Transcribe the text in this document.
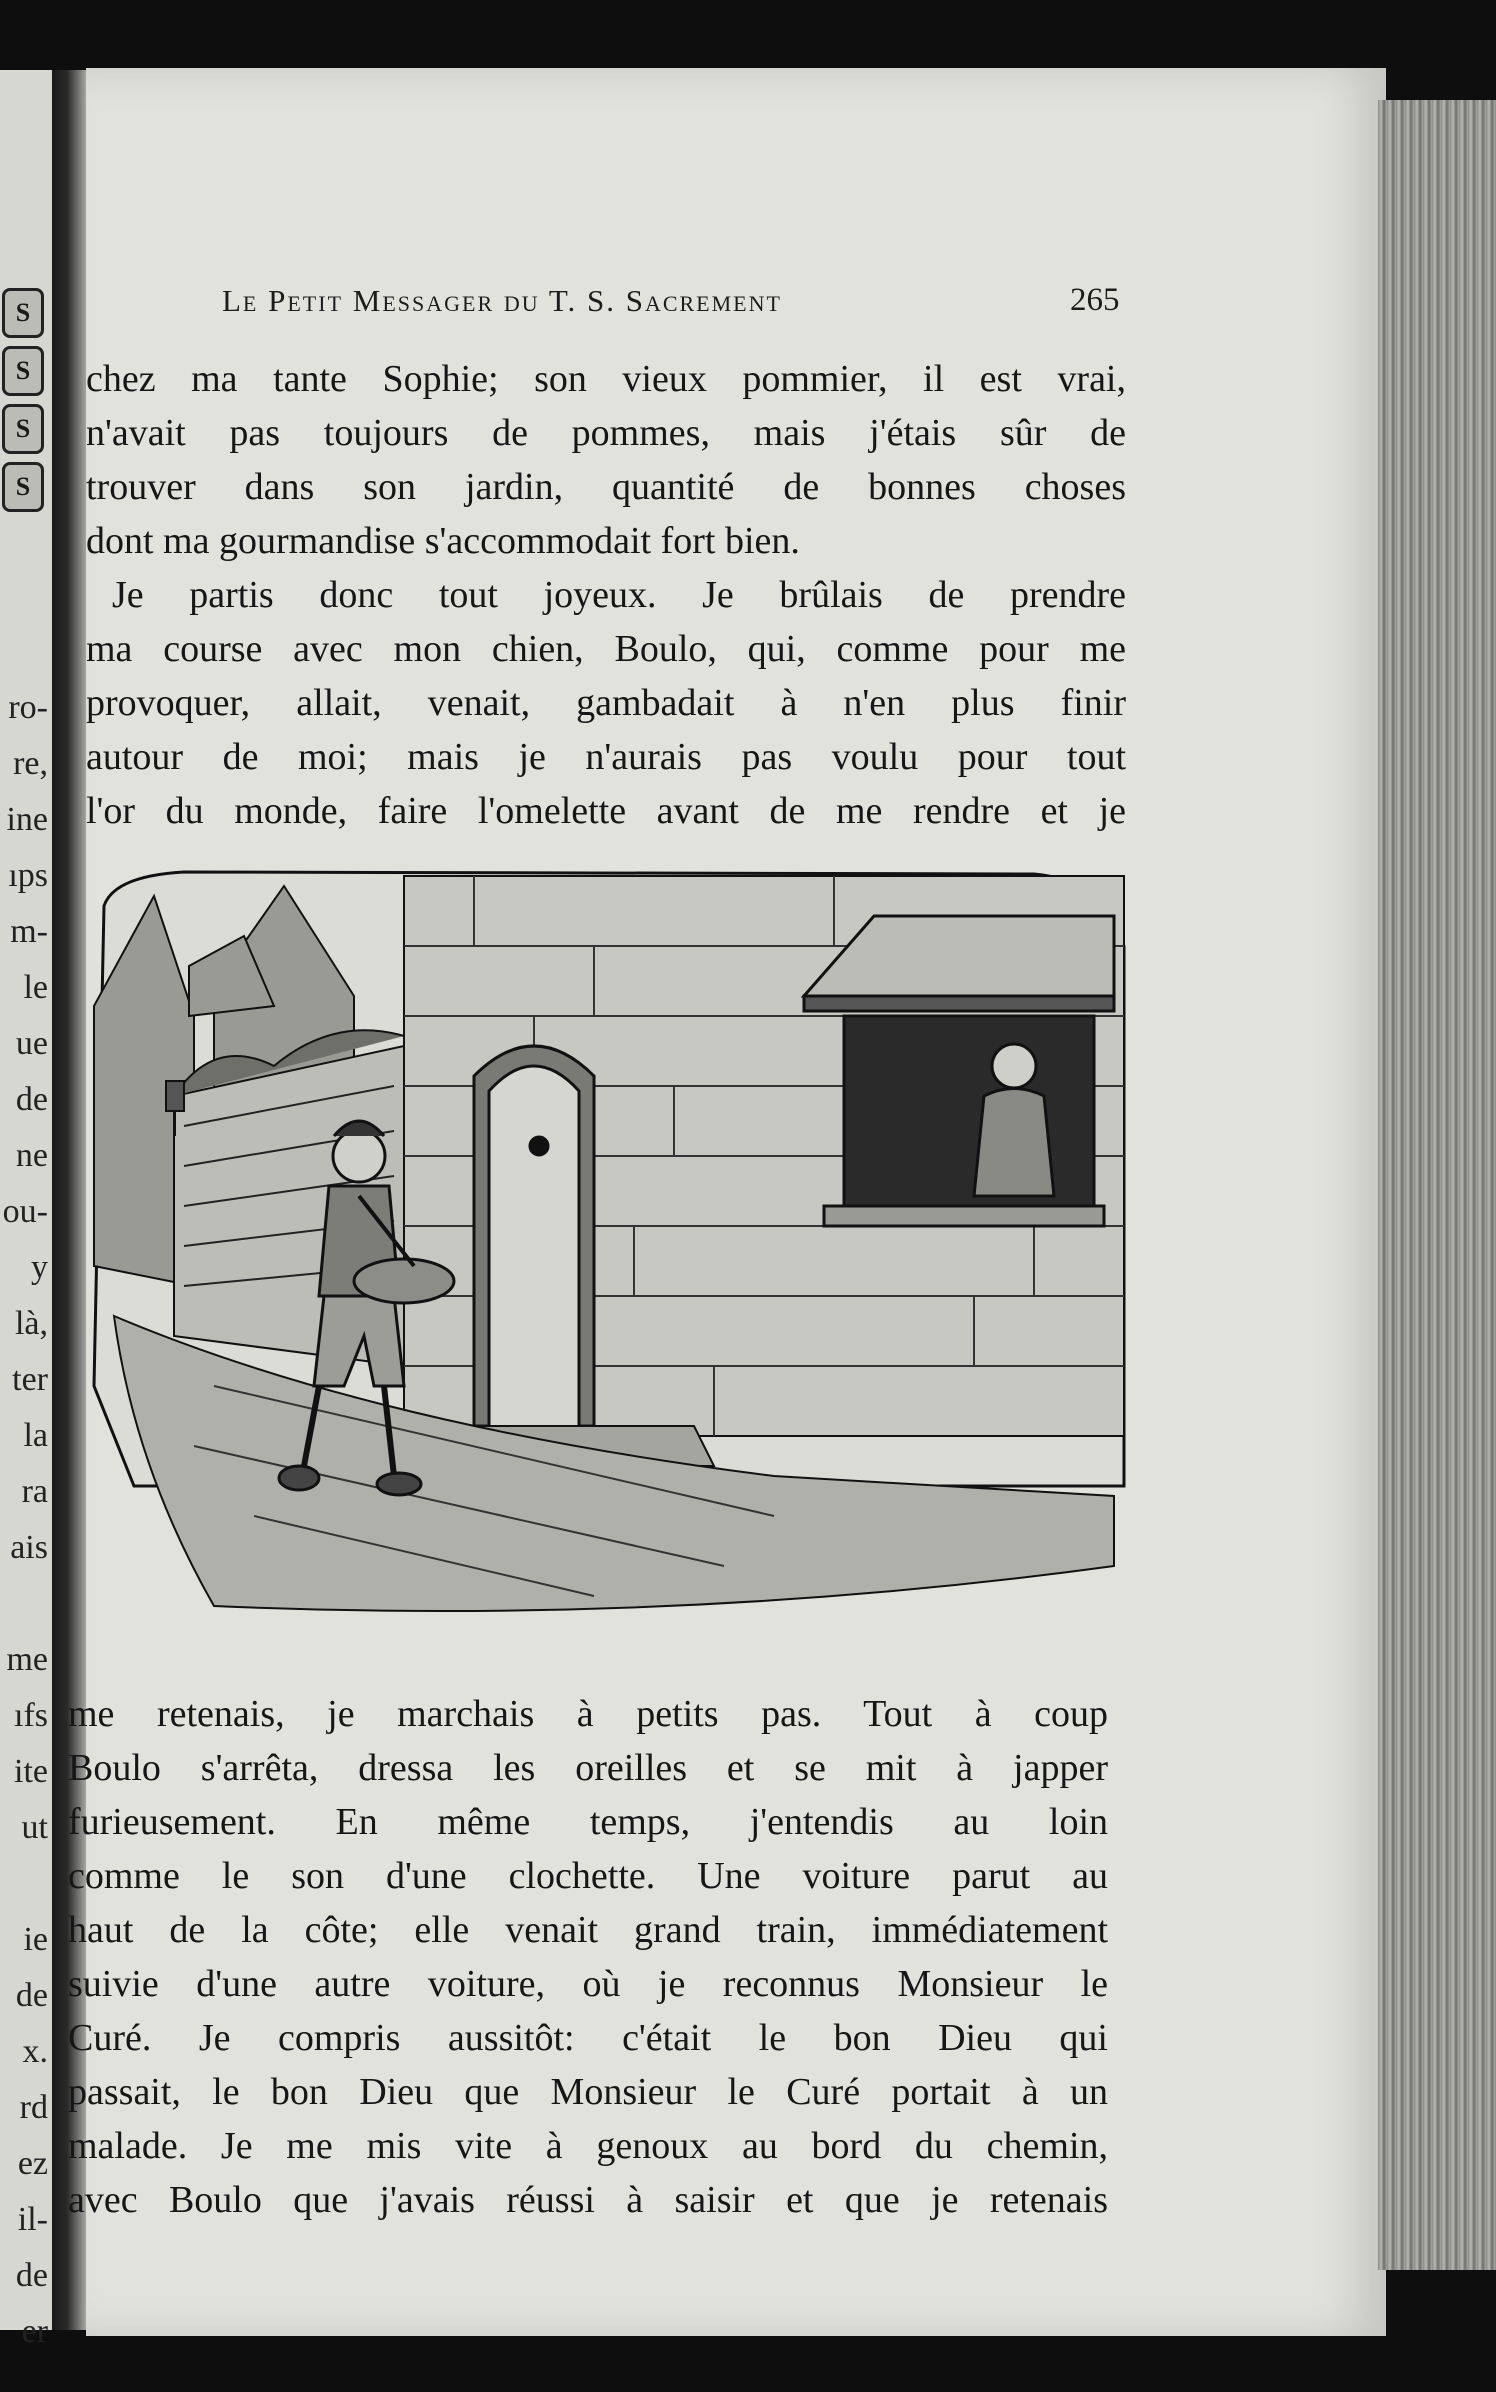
S
S
S
S
ro-
re,
ine
ıps
m-
le
ue
de
ne
ou-
y
là,
ter
la
ra
ais
me
ıfs
ite
ut
ie
de
x.
rd
ez
il-
de
er
Le Petit Messager du T. S. Sacrement	265
chez ma tante Sophie; son vieux pommier, il est vrai,
n'avait pas toujours de pommes, mais j'étais sûr de
trouver dans son jardin, quantité de bonnes choses
dont ma gourmandise s'accommodait fort bien.
Je partis donc tout joyeux. Je brûlais de prendre
ma course avec mon chien, Boulo, qui, comme pour me
provoquer, allait, venait, gambadait à n'en plus finir
autour de moi; mais je n'aurais pas voulu pour tout
l'or du monde, faire l'omelette avant de me rendre et je
me retenais, je marchais à petits pas. Tout à coup
Boulo s'arrêta, dressa les oreilles et se mit à japper
furieusement. En même temps, j'entendis au loin
comme le son d'une clochette. Une voiture parut au
haut de la côte; elle venait grand train, immédiatement
suivie d'une autre voiture, où je reconnus Monsieur le
Curé. Je compris aussitôt: c'était le bon Dieu qui
passait, le bon Dieu que Monsieur le Curé portait à un
malade. Je me mis vite à genoux au bord du chemin,
avec Boulo que j'avais réussi à saisir et que je retenais
